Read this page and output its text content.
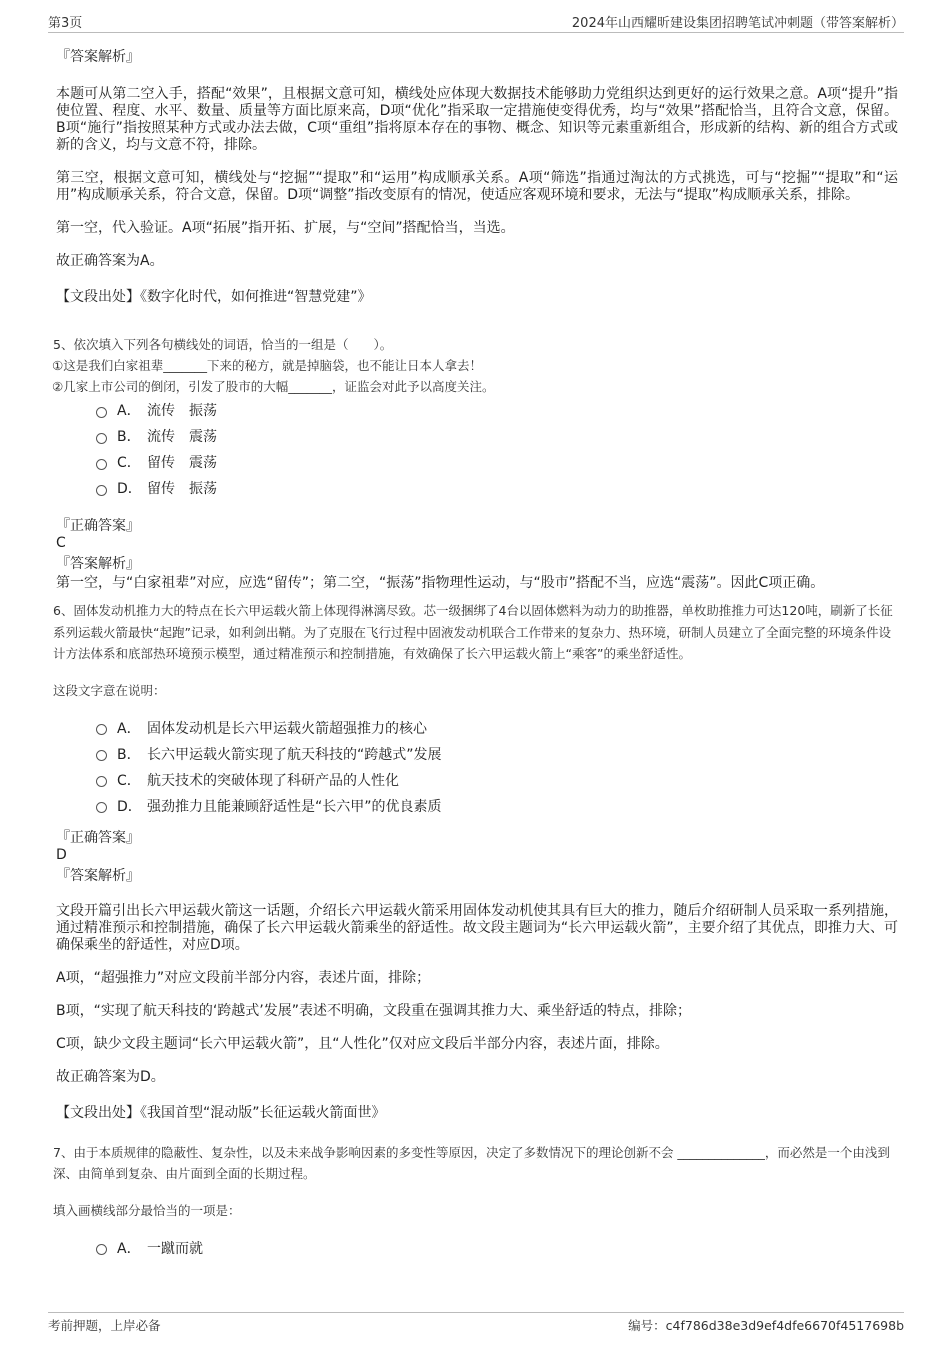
第3页	2024年山西耀昕建设集团招聘笔试冲刺题（带答案解析）
『答案解析』

本题可从第二空入手，搭配“效果”，且根据文意可知，横线处应体现大数据技术能够助力党组织达到更好的运行效果之意。A项“提升”指使位置、程度、水平、数量、质量等方面比原来高，D项“优化”指采取一定措施使变得优秀，均与“效果”搭配恰当，且符合文意，保留。B项“施行”指按照某种方式或办法去做，C项“重组”指将原本存在的事物、概念、知识等元素重新组合，形成新的结构、新的组合方式或新的含义，均与文意不符，排除。

第三空，根据文意可知，横线处与“挖掘”“提取”和“运用”构成顺承关系。A项“筛选”指通过淘汰的方式挑选，可与“挖掘”“提取”和“运用”构成顺承关系，符合文意，保留。D项“调整”指改变原有的情况，使适应客观环境和要求，无法与“提取”构成顺承关系，排除。

第一空，代入验证。A项“拓展”指开拓、扩展，与“空间”搭配恰当，当选。

故正确答案为A。

【文段出处】《数字化时代，如何推进“智慧党建”》

5、依次填入下列各句横线处的词语，恰当的一组是（　　）。
①这是我们白家祖辈_______下来的秘方，就是掉脑袋，也不能让日本人拿去！
②几家上市公司的倒闭，引发了股市的大幅_______，证监会对此予以高度关注。
A． 流传　振荡
B． 流传　震荡
C． 留传　震荡
D． 留传　振荡
『正确答案』
C
『答案解析』
第一空，与“白家祖辈”对应，应选“留传”；第二空，“振荡”指物理性运动，与“股市”搭配不当，应选“震荡”。因此C项正确。
6、固体发动机推力大的特点在长六甲运载火箭上体现得淋漓尽致。芯一级捆绑了4台以固体燃料为动力的助推器，单枚助推推力可达120吨，刷新了长征系列运载火箭最快“起跑”记录，如利剑出鞘。为了克服在飞行过程中固液发动机联合工作带来的复杂力、热环境，研制人员建立了全面完整的环境条件设计方法体系和底部热环境预示模型，通过精准预示和控制措施，有效确保了长六甲运载火箭上“乘客”的乘坐舒适性。
这段文字意在说明：
A． 固体发动机是长六甲运载火箭超强推力的核心
B． 长六甲运载火箭实现了航天科技的“跨越式”发展
C． 航天技术的突破体现了科研产品的人性化
D． 强劲推力且能兼顾舒适性是“长六甲”的优良素质
『正确答案』
D
『答案解析』

文段开篇引出长六甲运载火箭这一话题，介绍长六甲运载火箭采用固体发动机使其具有巨大的推力，随后介绍研制人员采取一系列措施，通过精准预示和控制措施，确保了长六甲运载火箭乘坐的舒适性。故文段主题词为“长六甲运载火箭”，主要介绍了其优点，即推力大、可确保乘坐的舒适性，对应D项。

A项，“超强推力”对应文段前半部分内容，表述片面，排除；

B项，“实现了航天科技的‘跨越式’发展”表述不明确，文段重在强调其推力大、乘坐舒适的特点，排除；

C项，缺少文段主题词“长六甲运载火箭”，且“人性化”仅对应文段后半部分内容，表述片面，排除。

故正确答案为D。

【文段出处】《我国首型“混动版”长征运载火箭面世》

7、由于本质规律的隐蔽性、复杂性，以及未来战争影响因素的多变性等原因，决定了多数情况下的理论创新不会 ______________，而必然是一个由浅到深、由简单到复杂、由片面到全面的长期过程。
填入画横线部分最恰当的一项是：
A． 一蹴而就
考前押题，上岸必备	编号：c4f786d38e3d9ef4dfe6670f4517698b
